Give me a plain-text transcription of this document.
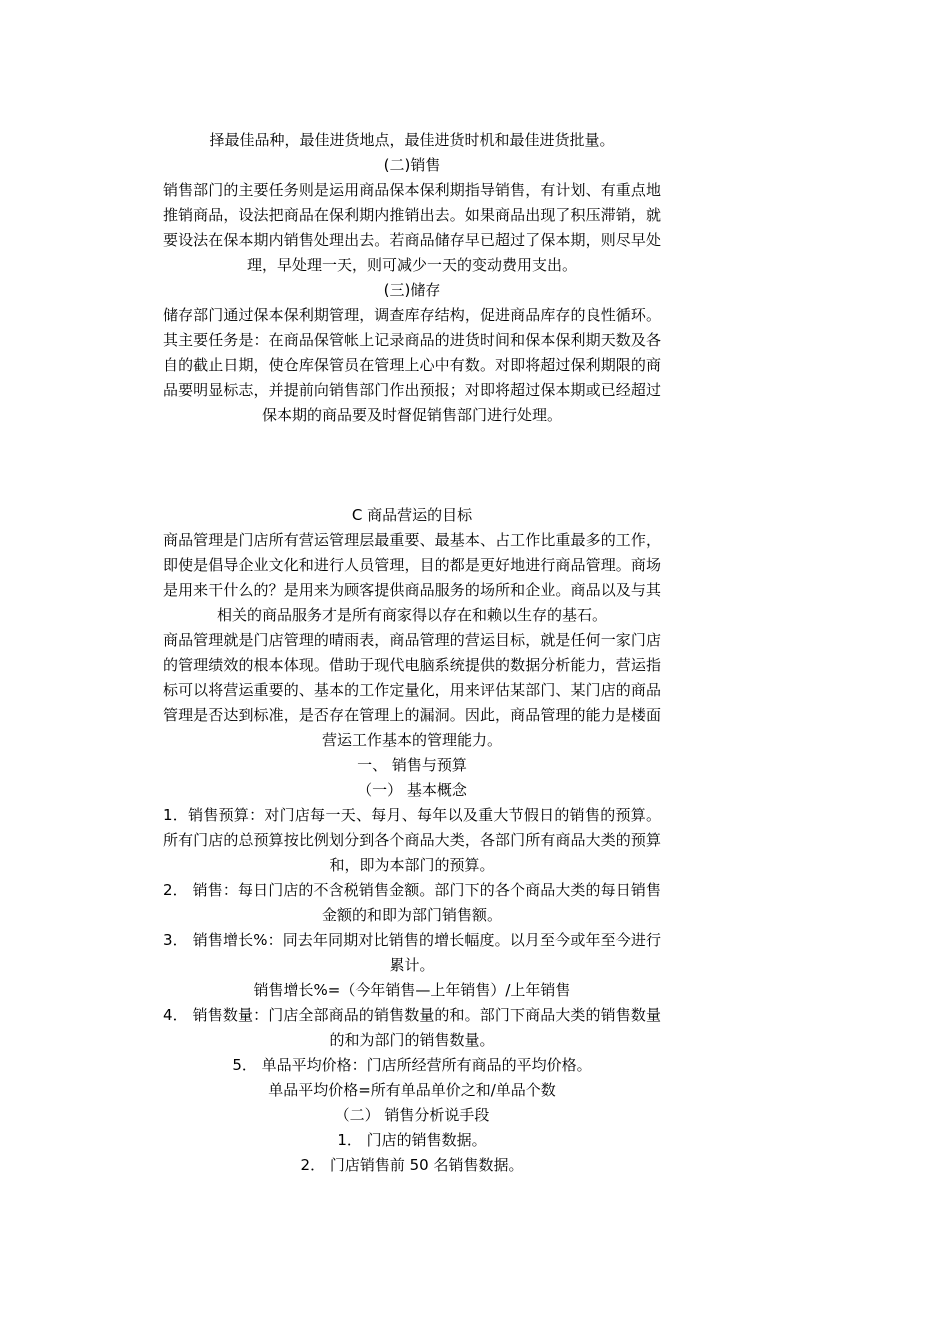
择最佳品种，最佳进货地点，最佳进货时机和最佳进货批量。

(二)销售

销售部门的主要任务则是运用商品保本保利期指导销售，有计划、有重点地推销商品，设法把商品在保利期内推销出去。如果商品出现了积压滞销，就要设法在保本期内销售处理出去。若商品储存早已超过了保本期，则尽早处理，早处理一天，则可减少一天的变动费用支出。

(三)储存

储存部门通过保本保利期管理，调查库存结构，促进商品库存的良性循环。其主要任务是：在商品保管帐上记录商品的进货时间和保本保利期天数及各自的截止日期，使仓库保管员在管理上心中有数。对即将超过保利期限的商品要明显标志，并提前向销售部门作出预报；对即将超过保本期或已经超过保本期的商品要及时督促销售部门进行处理。

C 商品营运的目标

商品管理是门店所有营运管理层最重要、最基本、占工作比重最多的工作，即使是倡导企业文化和进行人员管理，目的都是更好地进行商品管理。商场是用来干什么的？是用来为顾客提供商品服务的场所和企业。商品以及与其相关的商品服务才是所有商家得以存在和赖以生存的基石。

商品管理就是门店管理的晴雨表，商品管理的营运目标，就是任何一家门店的管理绩效的根本体现。借助于现代电脑系统提供的数据分析能力，营运指标可以将营运重要的、基本的工作定量化，用来评估某部门、某门店的商品管理是否达到标准，是否存在管理上的漏洞。因此，商品管理的能力是楼面营运工作基本的管理能力。

一、 销售与预算

（一） 基本概念

1．销售预算：对门店每一天、每月、每年以及重大节假日的销售的预算。所有门店的总预算按比例划分到各个商品大类，各部门所有商品大类的预算和，即为本部门的预算。

2． 销售：每日门店的不含税销售金额。部门下的各个商品大类的每日销售金额的和即为部门销售额。

3． 销售增长%：同去年同期对比销售的增长幅度。以月至今或年至今进行累计。

销售增长%=（今年销售—上年销售）/上年销售

4． 销售数量：门店全部商品的销售数量的和。部门下商品大类的销售数量的和为部门的销售数量。

5． 单品平均价格：门店所经营所有商品的平均价格。

单品平均价格=所有单品单价之和/单品个数

（二） 销售分析说手段

1． 门店的销售数据。

2． 门店销售前 50 名销售数据。
